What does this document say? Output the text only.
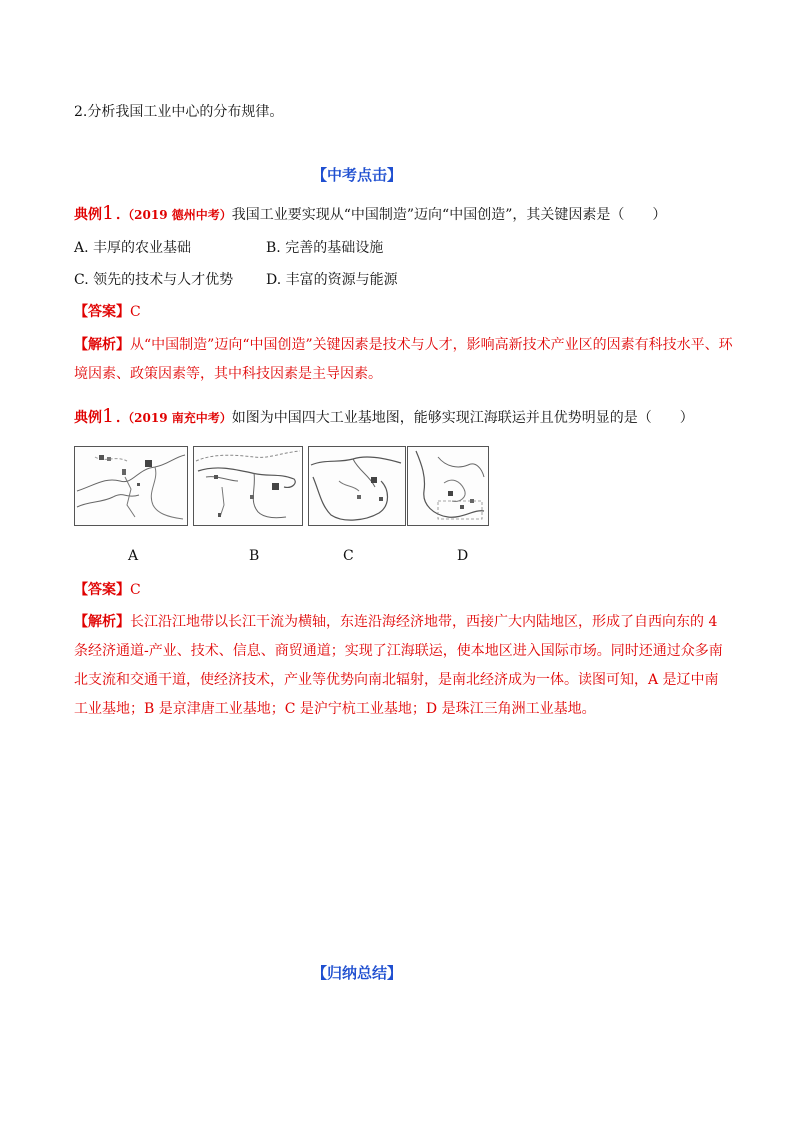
2.分析我国工业中心的分布规律。
【中考点击】
典例1.（2019 德州中考）我国工业要实现从“中国制造”迈向“中国创造”，其关键因素是（　　）
A. 丰厚的农业基础	B. 完善的基础设施
C. 领先的技术与人才优势 D. 丰富的资源与能源
【答案】C
【解析】从“中国制造”迈向“中国创造”关键因素是技术与人才，影响高新技术产业区的因素有科技水平、环
境因素、政策因素等，其中科技因素是主导因素。
典例1.（2019 南充中考）如图为中国四大工业基地图，能够实现江海联运并且优势明显的是（　　）
A	B	C	D
【答案】C
【解析】长江沿江地带以长江干流为横轴，东连沿海经济地带，西接广大内陆地区，形成了自西向东的 4
条经济通道-产业、技术、信息、商贸通道；实现了江海联运，使本地区进入国际市场。同时还通过众多南
北支流和交通干道，使经济技术，产业等优势向南北辐射，是南北经济成为一体。读图可知，A 是辽中南
工业基地；B 是京津唐工业基地；C 是沪宁杭工业基地；D 是珠江三角洲工业基地。
【归纳总结】
